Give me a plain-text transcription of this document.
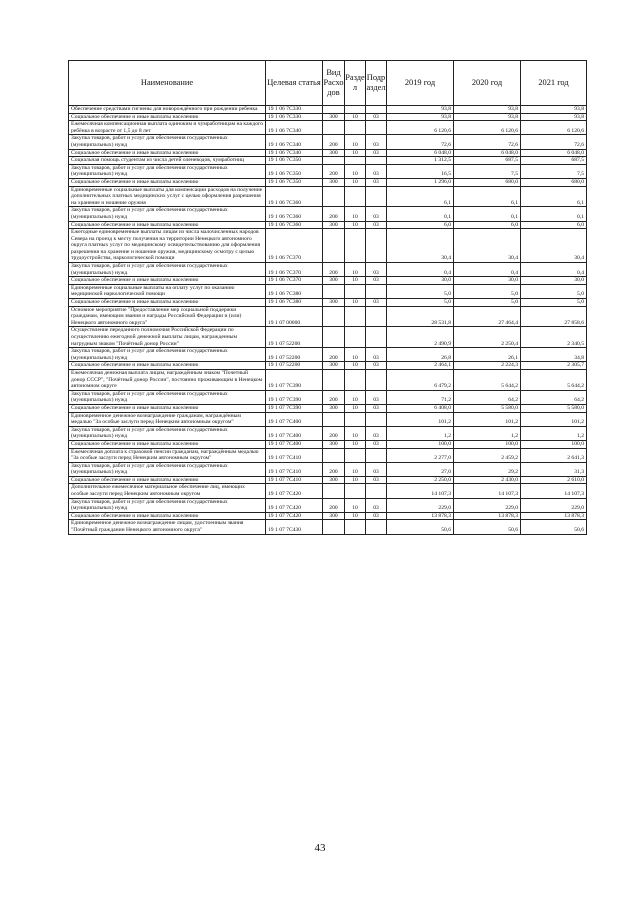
Наименование	Целевая статья	Вид Расхо дов	Разде л	Подр аздел	2019 год	2020 год	2021 год
Обеспечение средствами гигиены для новорождённого при рождении ребенка	19 1 06 7С330				93,8	93,8	93,8
Социальное обеспечение и иные выплаты населению	19 1 06 7С330	300	10	03	93,8	93,8	93,8
Ежемесячная компенсационная выплата одиноким и чумработницам на каждого ребёнка в возрасте от 1,5 до 8 лет	19 1 06 7С340				6 120,6	6 120,6	6 120,6
Закупка товаров, работ и услуг для обеспечения государственных (муниципальных) нужд	19 1 06 7С340	200	10	03	72,6	72,6	72,6
Социальное обеспечение и иные выплаты населению	19 1 06 7С340	300	10	03	6 048,0	6 048,0	6 048,0
Социальная помощь студентам из числа детей оленеводов, чумработниц	19 1 06 7С350				1 312,5	687,5	687,5
Закупка товаров, работ и услуг для обеспечения государственных (муниципальных) нужд	19 1 06 7С350	200	10	03	16,5	7,5	7,5
Социальное обеспечение и иные выплаты населению	19 1 06 7С350	300	10	03	1 296,0	680,0	680,0
Единовременные социальные выплаты для компенсации расходов на получение дополнительных платных медицинских услуг с целью оформления разрешения на хранение и ношение оружия	19 1 06 7С360				6,1	6,1	6,1
Закупка товаров, работ и услуг для обеспечения государственных (муниципальных) нужд	19 1 06 7С360	200	10	03	0,1	0,1	0,1
Социальное обеспечение и иные выплаты населению	19 1 06 7С360	300	10	03	6,0	6,0	6,0
Ежегодные единовременные выплаты лицам из числа малочисленных народов Севера на проезд к месту получения на территории Ненецкого автономного округа платных услуг по медицинскому освидетельствованию для оформления разрешения на хранение и ношение оружия, медицинскому осмотру с целью трудоустройства, наркологической помощи	19 1 06 7С370				30,4	30,4	30,4
Закупка товаров, работ и услуг для обеспечения государственных (муниципальных) нужд	19 1 06 7С370	200	10	03	0,4	0,4	0,4
Социальное обеспечение и иные выплаты населению	19 1 06 7С370	300	10	03	30,0	30,0	30,0
Единовременные социальные выплаты на оплату услуг по оказанию медицинской наркологической помощи	19 1 06 7С380				5,0	5,0	5,0
Социальное обеспечение и иные выплаты населению	19 1 06 7С380	300	10	03	5,0	5,0	5,0
Основное мероприятие "Предоставление мер социальной поддержки гражданам, имеющим звания и награды Российской Федерации и (или) Ненецкого автономного округа"	19 1 07 00000				28 531,8	27 464,4	27 858,6
Осуществление переданного полномочия Российской Федерации по осуществлению ежегодной денежной выплаты лицам, награжденным нагрудным знаком "Почётный донор России"	19 1 07 52200				2 490,9	2 250,4	2 340,5
Закупка товаров, работ и услуг для обеспечения государственных (муниципальных) нужд	19 1 07 52200	200	10	03	26,8	26,1	34,8
Социальное обеспечение и иные выплаты населению	19 1 07 52200	300	10	03	2 464,1	2 224,3	2 305,7
Ежемесячная денежная выплата лицам, награждённым знаком "Почетный донор СССР", "Почётный донор России", постоянно проживающим в Ненецком автономном округе	19 1 07 7С390				6 479,2	5 644,2	5 644,2
Закупка товаров, работ и услуг для обеспечения государственных (муниципальных) нужд	19 1 07 7С390	200	10	03	71,2	64,2	64,2
Социальное обеспечение и иные выплаты населению	19 1 07 7С390	300	10	03	6 408,0	5 580,0	5 580,0
Единовременное денежное вознаграждение гражданам, награждённым медалью "За особые заслуги перед Ненецким автономным округом"	19 1 07 7С400				101,2	101,2	101,2
Закупка товаров, работ и услуг для обеспечения государственных (муниципальных) нужд	19 1 07 7С400	200	10	03	1,2	1,2	1,2
Социальное обеспечение и иные выплаты населению	19 1 07 7С400	300	10	03	100,0	100,0	100,0
Ежемесячная доплата к страховой пенсии гражданам, награждённым медалью "За особые заслуги перед Ненецким автономным округом"	19 1 07 7С410				2 277,0	2 459,2	2 641,3
Закупка товаров, работ и услуг для обеспечения государственных (муниципальных) нужд	19 1 07 7С410	200	10	03	27,0	29,2	31,3
Социальное обеспечение и иные выплаты населению	19 1 07 7С410	300	10	03	2 250,0	2 430,0	2 610,0
Дополнительное ежемесячное материальное обеспечение лиц, имеющих особые заслуги перед Ненецким автономным округом	19 1 07 7С420				14 107,3	14 107,3	14 107,3
Закупка товаров, работ и услуг для обеспечения государственных (муниципальных) нужд	19 1 07 7С420	200	10	03	229,0	229,0	229,0
Социальное обеспечение и иные выплаты населению	19 1 07 7С420	300	10	03	13 878,3	13 878,3	13 878,3
Единовременное денежное вознаграждение лицам, удостоенным звания "Почётный гражданин Ненецкого автономного округа"	19 1 07 7С430				50,6	50,6	50,6
43
